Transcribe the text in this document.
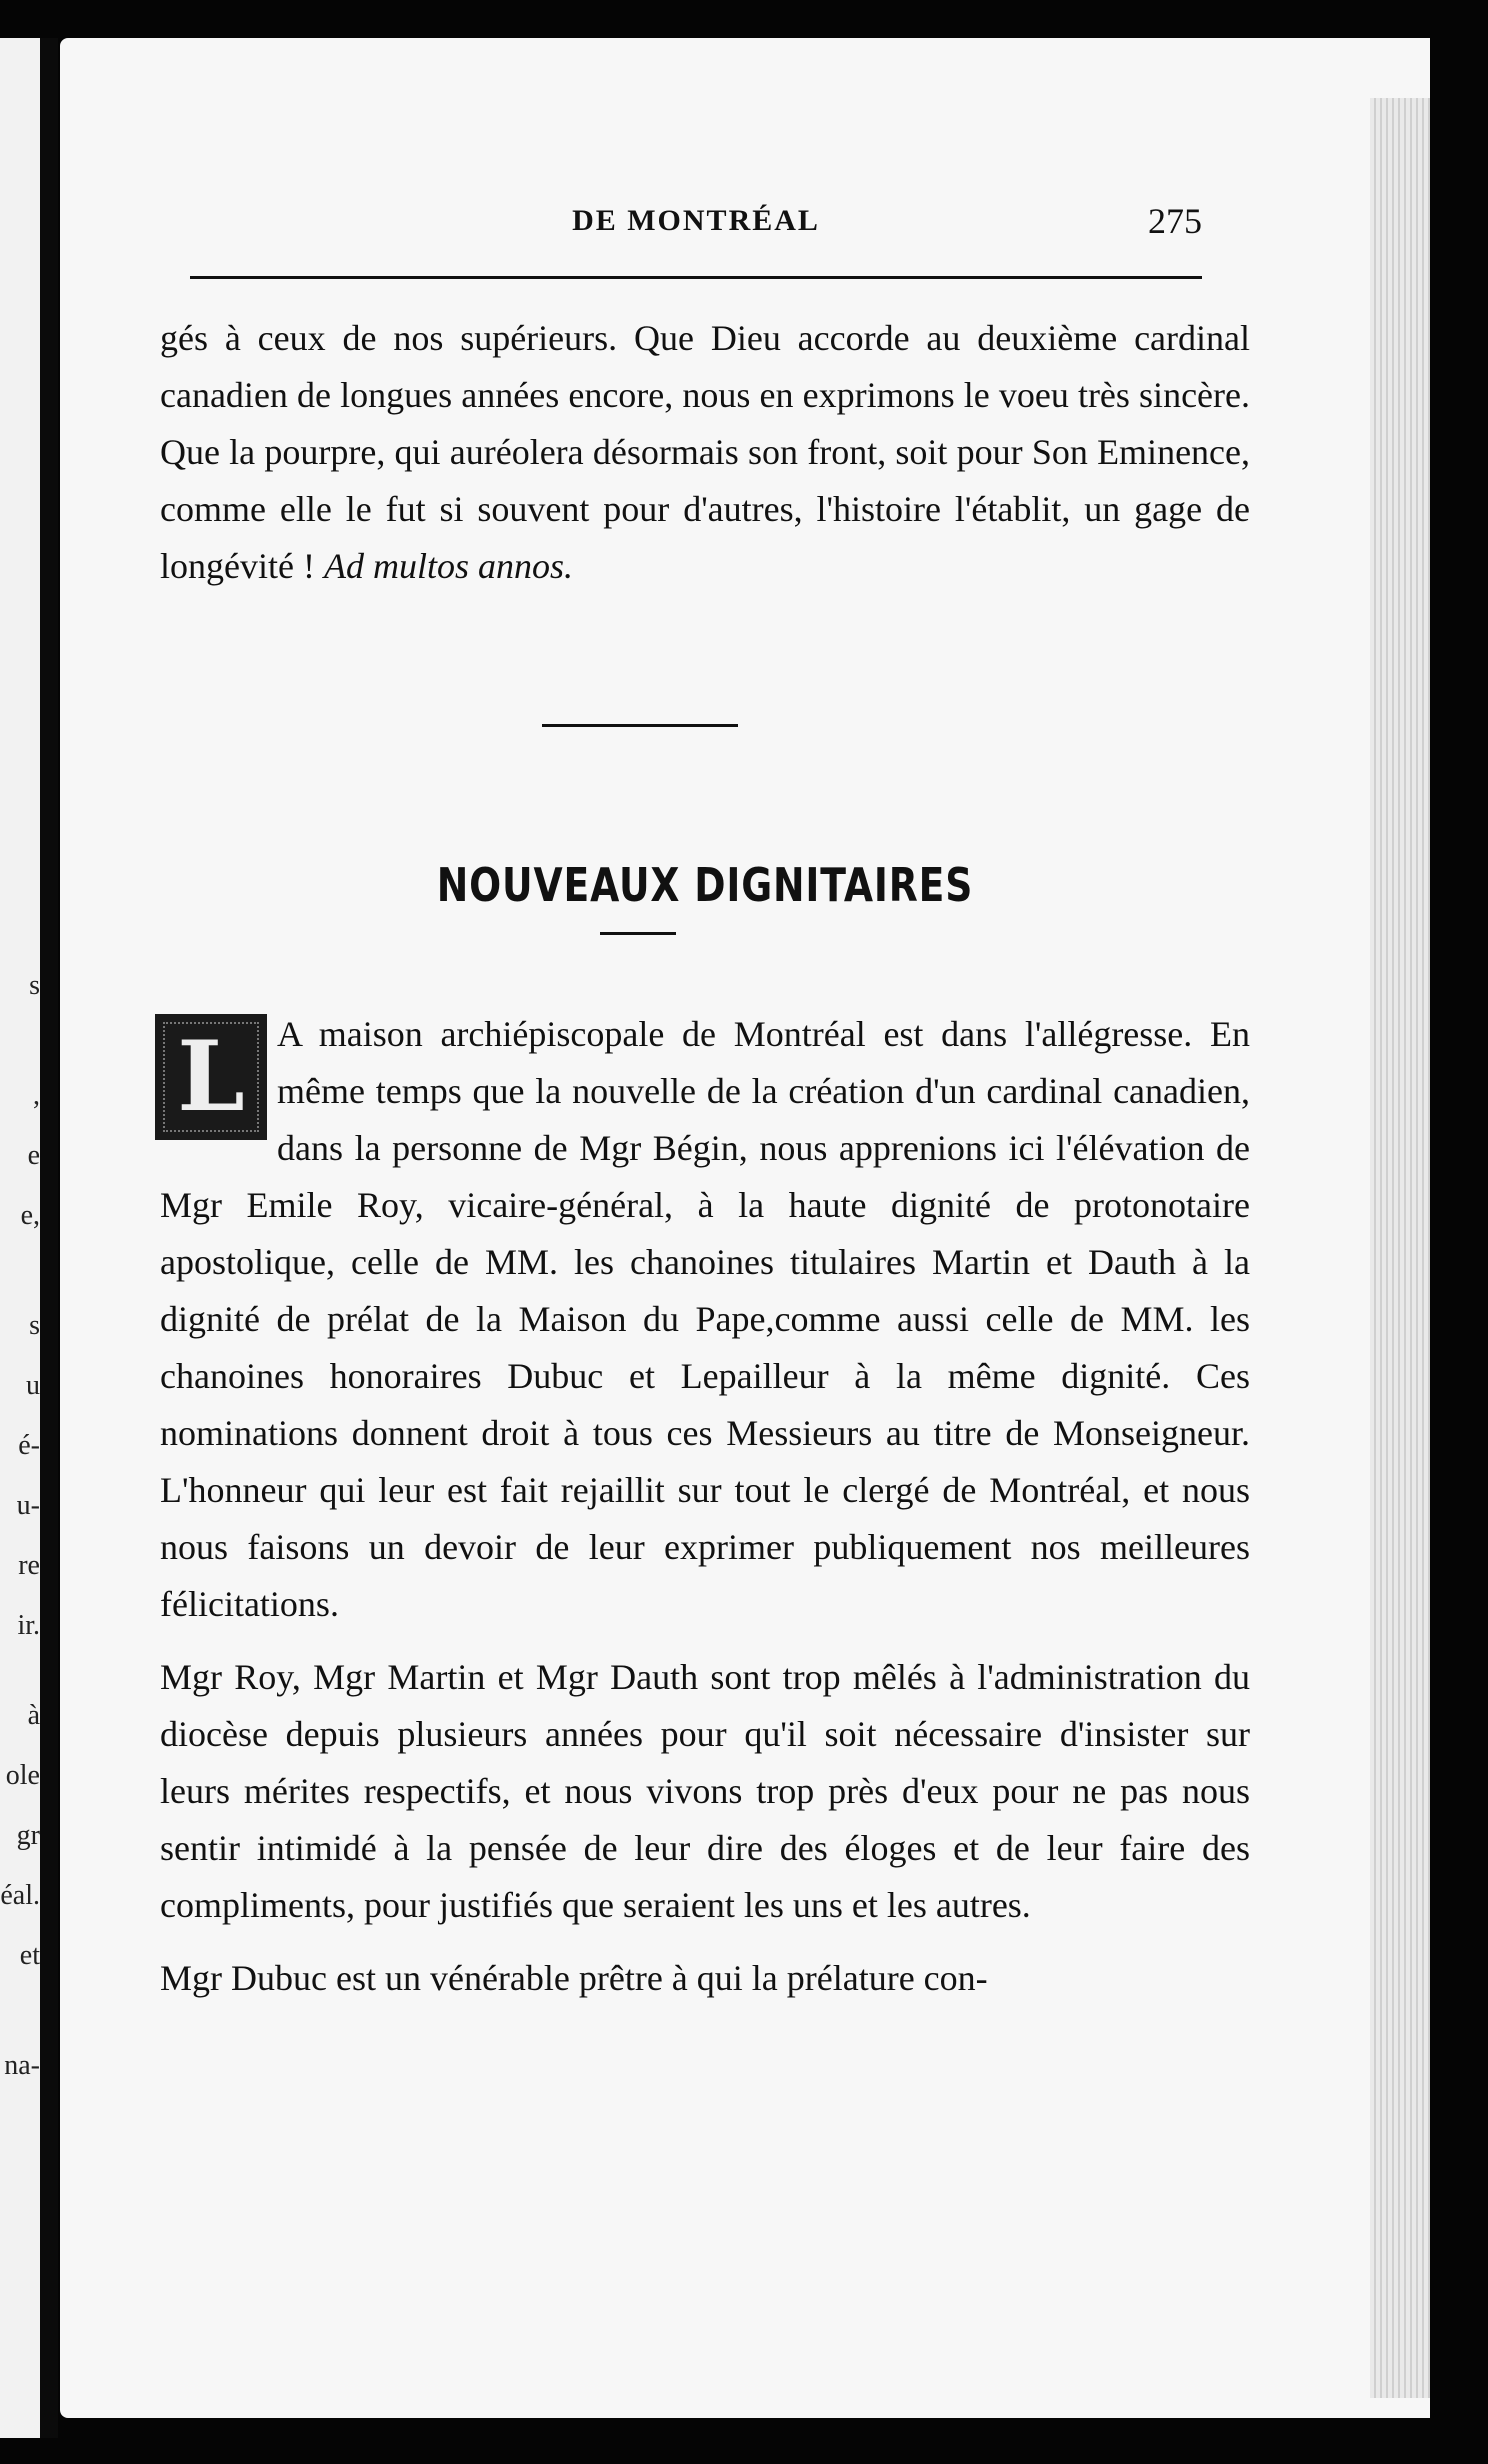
s
,
e
e,
s
u
é-
u-
re
ir.
à
ole
gr
éal.
et
na-
DE MONTRÉAL	275

gés à ceux de nos supérieurs. Que Dieu accorde au deuxième cardinal canadien de longues années encore, nous en exprimons le voeu très sincère. Que la pourpre, qui auréolera désormais son front, soit pour Son Eminence, comme elle le fut si souvent pour d'autres, l'histoire l'établit, un gage de longévité ! Ad multos annos.

NOUVEAUX DIGNITAIRES

L A maison archiépiscopale de Montréal est dans l'allégresse. En même temps que la nouvelle de la création d'un cardinal canadien, dans la personne de Mgr Bégin, nous apprenions ici l'élévation de Mgr Emile Roy, vicaire-général, à la haute dignité de protonotaire apostolique, celle de MM. les chanoines titulaires Martin et Dauth à la dignité de prélat de la Maison du Pape,comme aussi celle de MM. les chanoines honoraires Dubuc et Lepailleur à la même dignité. Ces nominations donnent droit à tous ces Messieurs au titre de Monseigneur. L'honneur qui leur est fait rejaillit sur tout le clergé de Montréal, et nous nous faisons un devoir de leur exprimer publiquement nos meilleures félicitations.

Mgr Roy, Mgr Martin et Mgr Dauth sont trop mêlés à l'administration du diocèse depuis plusieurs années pour qu'il soit nécessaire d'insister sur leurs mérites respectifs, et nous vivons trop près d'eux pour ne pas nous sentir intimidé à la pensée de leur dire des éloges et de leur faire des compliments, pour justifiés que seraient les uns et les autres.

Mgr Dubuc est un vénérable prêtre à qui la prélature con-
